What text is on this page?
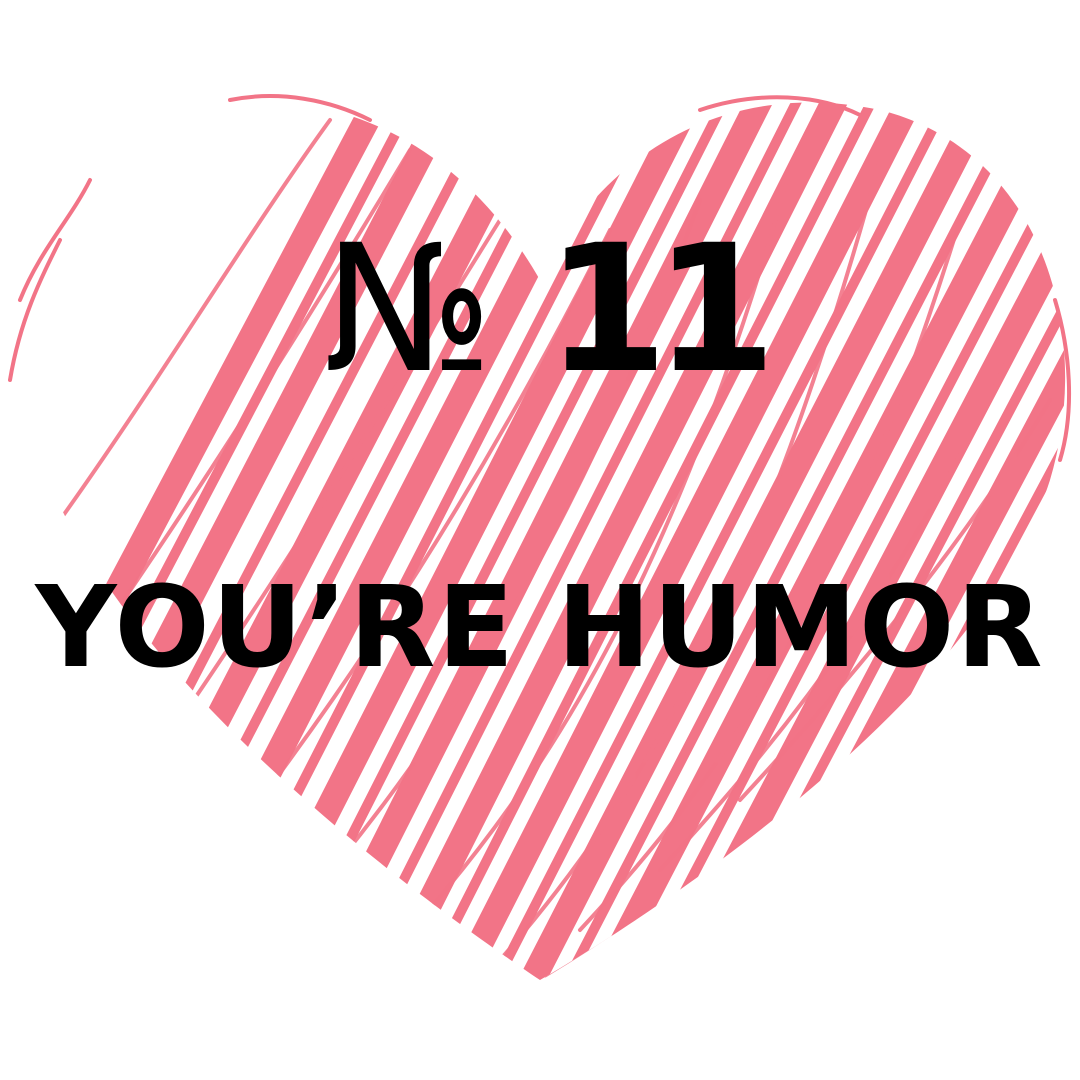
№ 11
YOU’RE HUMOR
